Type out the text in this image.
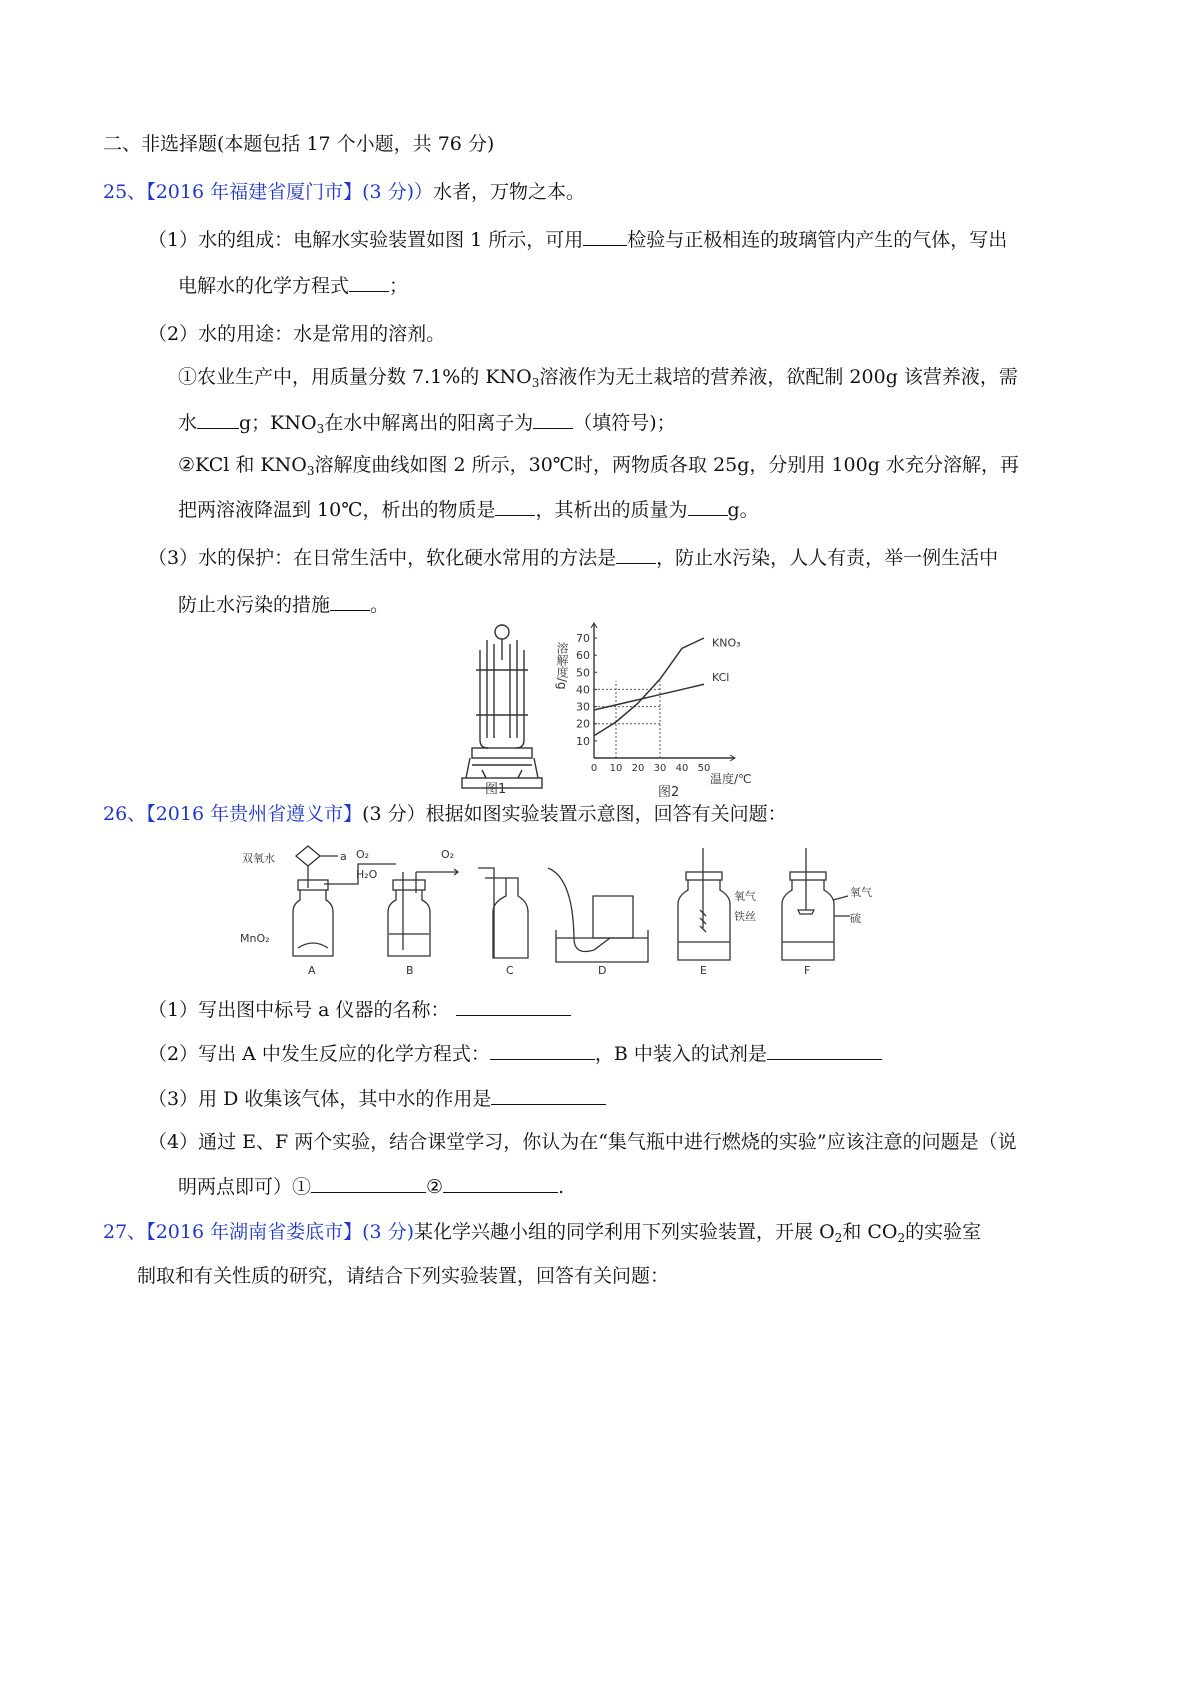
二、非选择题(本题包括 17 个小题，共 76 分)
25、【2016 年福建省厦门市】(3 分)）水者，万物之本。
（1）水的组成：电解水实验装置如图 1 所示，可用 检验与正极相连的玻璃管内产生的气体，写出
电解水的化学方程式 ；
（2）水的用途：水是常用的溶剂。
①农业生产中，用质量分数 7.1%的 $KNO_3$溶液作为无土栽培的营养液，欲配制 200g 该营养液，需
水 g；$KNO_3$在水中解离出的阳离子为 （填符号)；
②KCl 和 $KNO_3$溶解度曲线如图 2 所示，30℃时，两物质各取 25g，分别用 100g 水充分溶解，再
把两溶液降温到 10℃，析出的物质是 ，其析出的质量为 g。
（3）水的保护：在日常生活中，软化硬水常用的方法是 ，防止水污染，人人有责，举一例生活中
防止水污染的措施 。
图1
10
20
30
40
50
60
70
0 10 20 30 40 50
KNO₃
KCl
溶解度/g
温度/℃
图2
26、【2016 年贵州省遵义市】(3 分）根据如图实验装置示意图，回答有关问题：
双氧水	a
MnO₂
O₂
H₂O
O₂
氧气
铁丝
氧气
硫
A	B	C	D	E	F
（1）写出图中标号 a 仪器的名称：
（2）写出 A 中发生反应的化学方程式：	，B 中装入的试剂是
（3）用 D 收集该气体，其中水的作用是
（4）通过 E、F 两个实验，结合课堂学习，你认为在“集气瓶中进行燃烧的实验”应该注意的问题是（说
明两点即可）①	②	.
27、【2016 年湖南省娄底市】(3 分)某化学兴趣小组的同学利用下列实验装置，开展 $O_2$和 $CO_2$的实验室
制取和有关性质的研究，请结合下列实验装置，回答有关问题：
